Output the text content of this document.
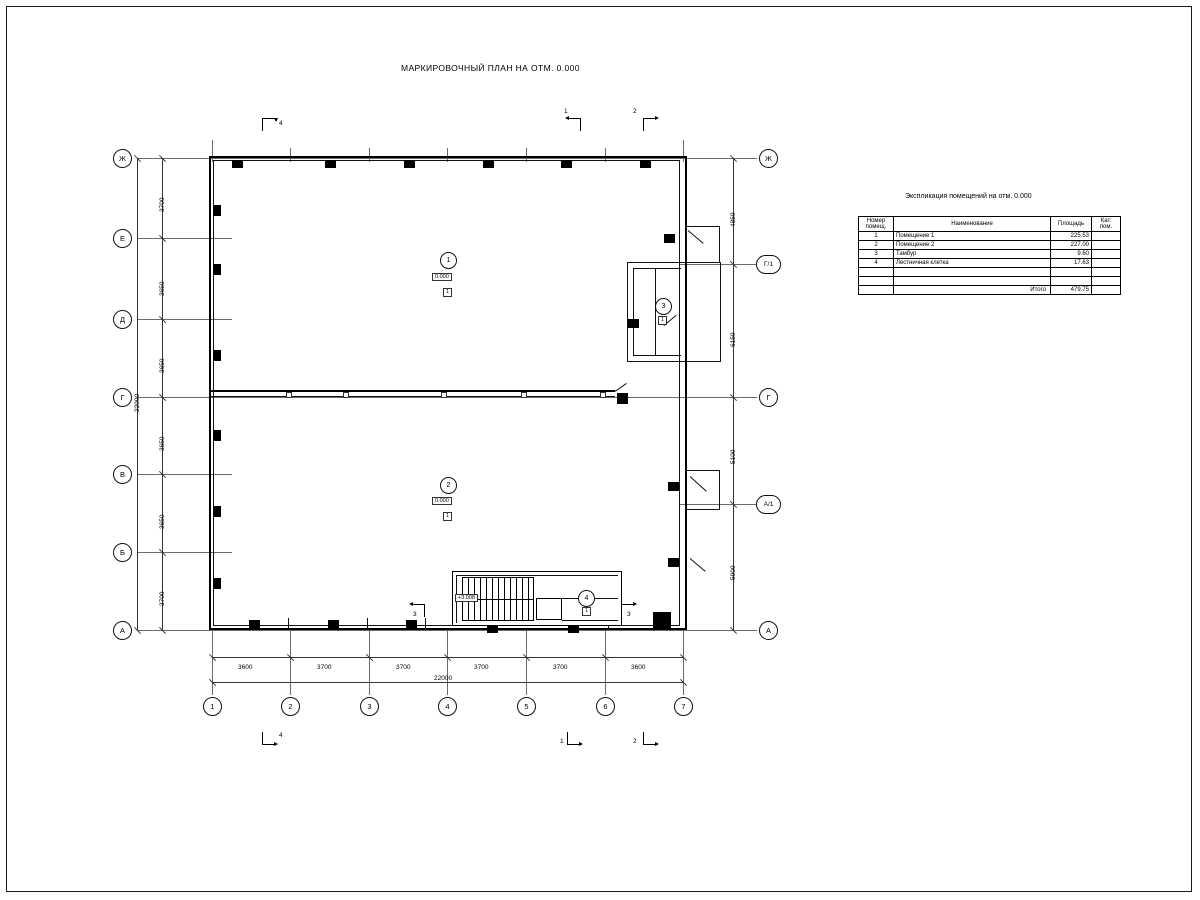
МАРКИРОВОЧНЫЙ ПЛАН НА ОТМ. 0.000
4
1	2
Ж
Е
Д
Г
В
Б
А
Ж
Г/1
Г
А/1
А
1	2	3	4	5	6	7
3700
3650
3650
3650
3650
3700
22000
4850
6150
5100
5900
3600	3700	3700	3700	3700	3600
22000
+3.008
1
0.000
1
2
0.000
1
3
1
4
1
3	3
4
1	2
Экспликация помещений на отм. 0.000
Номер помещ.	Наименование	Площадь	Кат. пом.
1	Помещение 1	225.53	
2	Помещение 2	227.00	
3	Тамбур	9.60	
4	Лестничная клетка	17.63	

	Итого	479.75	
